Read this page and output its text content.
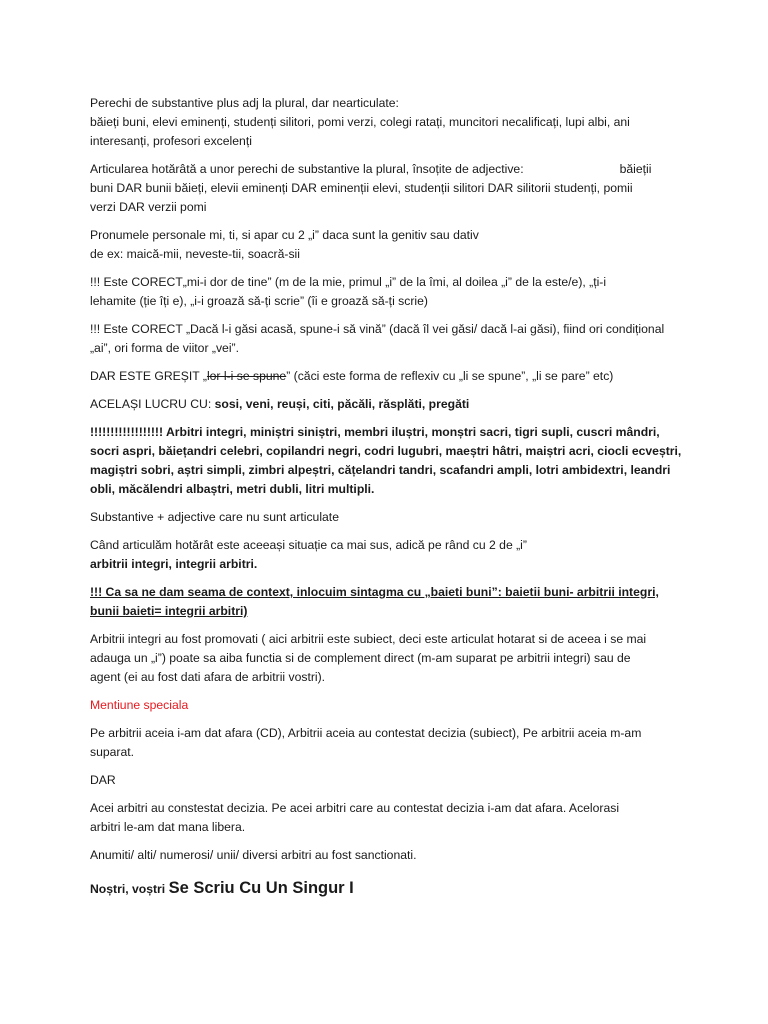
Perechi de substantive plus adj la plural, dar nearticulate:
băieți buni, elevi eminenți, studenți silitori, pomi verzi, colegi ratați, muncitori necalificați, lupi albi, ani
interesanți, profesori excelenți
Articularea hotărâtă a unor perechi de substantive la plural, însoțite de adjective:	băieții
buni DAR bunii băieți, elevii eminenți DAR eminenții elevi, studenții silitori DAR silitorii studenți, pomii
verzi DAR verzii pomi
Pronumele personale mi, ti, si apar cu 2 „i” daca sunt la genitiv sau dativ
de ex: maică-mii, neveste-tii, soacră-sii
!!! Este CORECT„mi-i dor de tine” (m de la mie, primul „i” de la îmi, al doilea „i” de la este/e), „ți-i
lehamite (ție îți e), „i-i groază să-ți scrie” (îi e groază să-ți scrie)
!!! Este CORECT „Dacă l-i găsi acasă, spune-i să vină” (dacă îl vei găsi/ dacă l-ai găsi), fiind ori condițional
„ai”, ori forma de viitor „vei”.
DAR ESTE GREȘIT „lor l-i se spune” (căci este forma de reflexiv cu „li se spune”, „li se pare” etc)
ACELAȘI LUCRU CU: sosi, veni, reuși, citi, păcăli, răsplăti, pregăti
!!!!!!!!!!!!!!!!!! Arbitri integri, miniștri siniștri, membri iluștri, monștri sacri, tigri supli, cuscri mândri,
socri aspri, băiețandri celebri, copilandri negri, codri lugubri, maeștri hâtri, maiștri acri, ciocli ecveștri,
magiștri sobri, aștri simpli, zimbri alpeștri, cățelandri tandri, scafandri ampli, lotri ambidextri, leandri
obli, măcălendri albaștri, metri dubli, litri multipli.
Substantive + adjective care nu sunt articulate
Când articulăm hotărât este aceeași situație ca mai sus, adică pe rând cu 2 de „i”
arbitrii integri, integrii arbitri.
!!! Ca sa ne dam seama de context, inlocuim sintagma cu „baieti buni”: baietii buni- arbitrii integri,
bunii baieti= integrii arbitri)
Arbitrii integri au fost promovati ( aici arbitrii este subiect, deci este articulat hotarat si de aceea i se mai
adauga un „i”) poate sa aiba functia si de complement direct (m-am suparat pe arbitrii integri) sau de
agent (ei au fost dati afara de arbitrii vostri).
Mentiune speciala
Pe arbitrii aceia i-am dat afara (CD), Arbitrii aceia au contestat decizia (subiect), Pe arbitrii aceia m-am
suparat.
DAR
Acei arbitri au constestat decizia. Pe acei arbitri care au contestat decizia i-am dat afara. Acelorasi
arbitri le-am dat mana libera.
Anumiti/ alti/ numerosi/ unii/ diversi arbitri au fost sanctionati.
Noștri, voștri Se Scriu Cu Un Singur I
